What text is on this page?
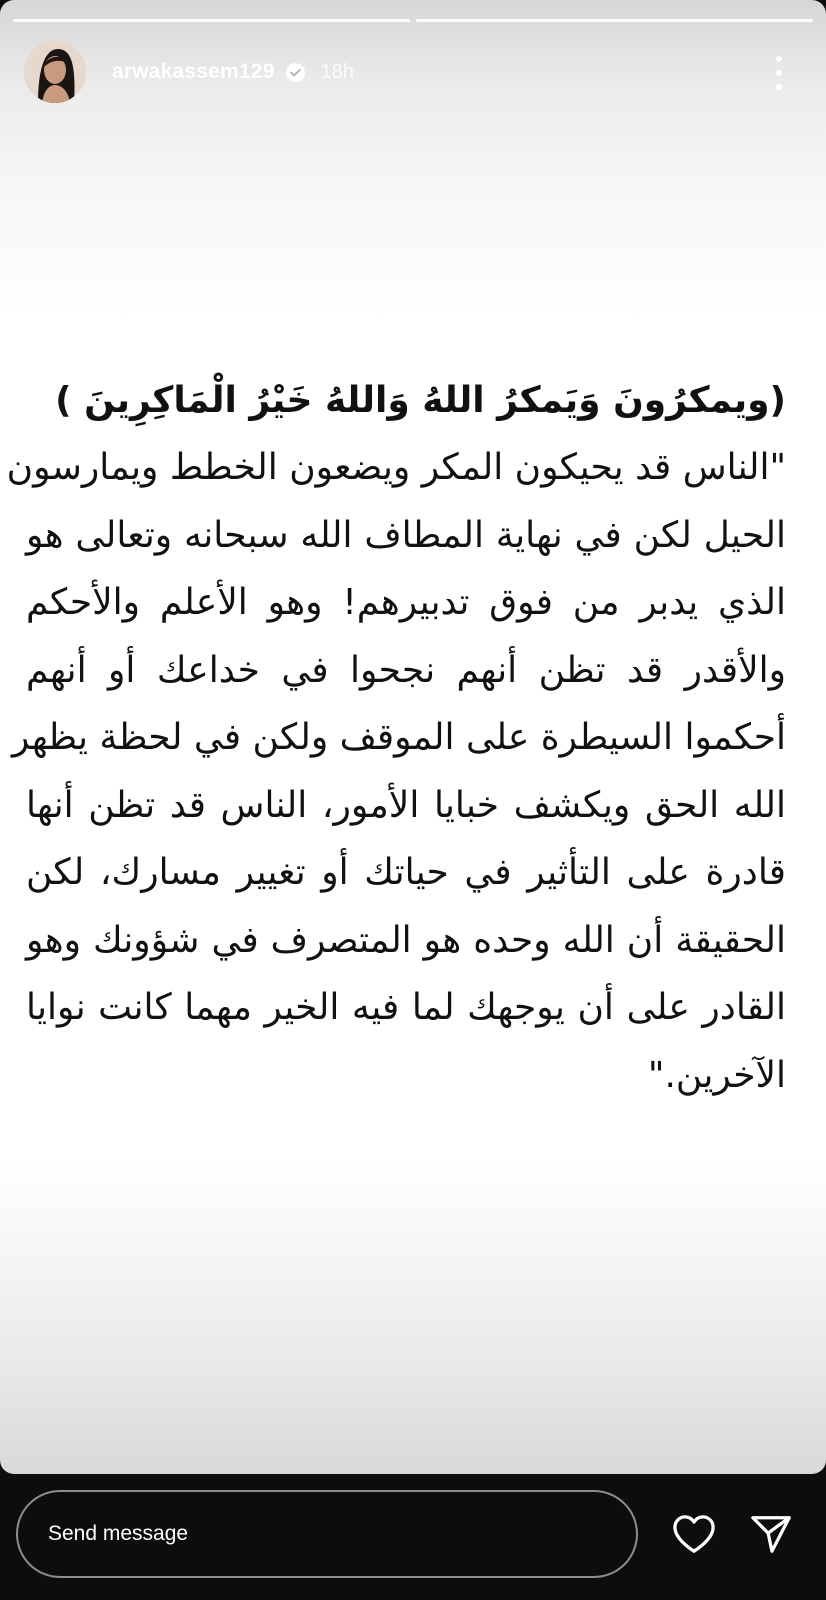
arwakassem129 18h

(ويمكرُونَ وَيَمكرُ اللهُ وَاللهُ خَيْرُ الْمَاكِرِينَ )

"الناس قد يحيكون المكر ويضعون الخطط ويمارسون

الحيل لكن في نهاية المطاف الله سبحانه وتعالى هو

الذي يدبر من فوق تدبيرهم! وهو الأعلم والأحكم

والأقدر قد تظن أنهم نجحوا في خداعك أو أنهم

أحكموا السيطرة على الموقف ولكن في لحظة يظهر

الله الحق ويكشف خبايا الأمور، الناس قد تظن أنها

قادرة على التأثير في حياتك أو تغيير مسارك، لكن

الحقيقة أن الله وحده هو المتصرف في شؤونك وهو

القادر على أن يوجهك لما فيه الخير مهما كانت نوايا

الآخرين."

Send message
